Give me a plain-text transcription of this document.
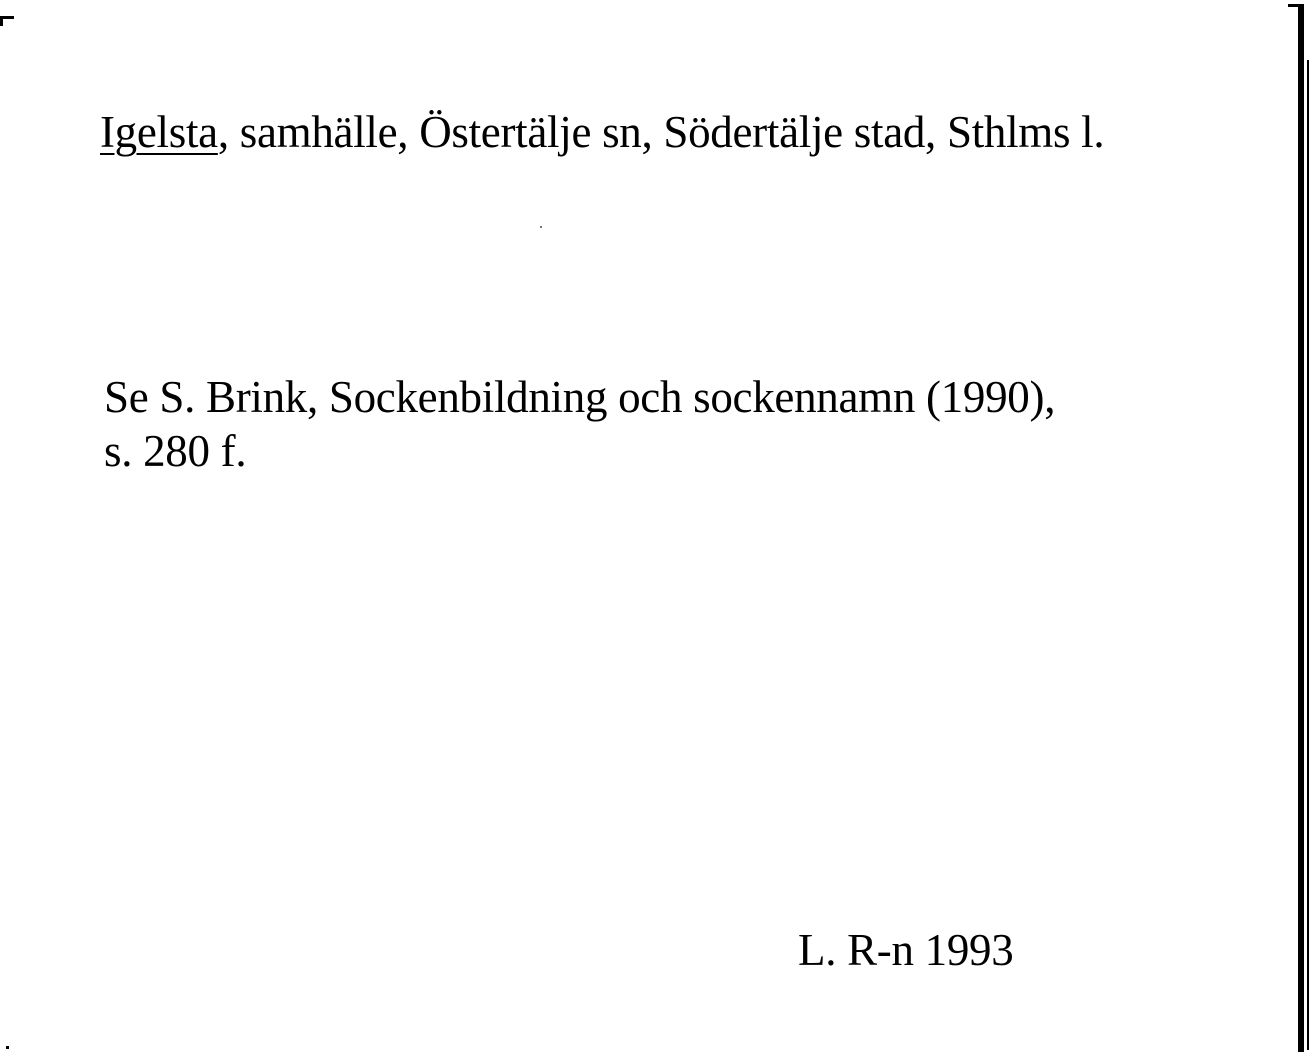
Igelsta, samhälle, Östertälje sn, Södertälje stad, Sthlms l.
Se S. Brink, Sockenbildning och sockennamn (1990),
s. 280 f.
L. R-n 1993
